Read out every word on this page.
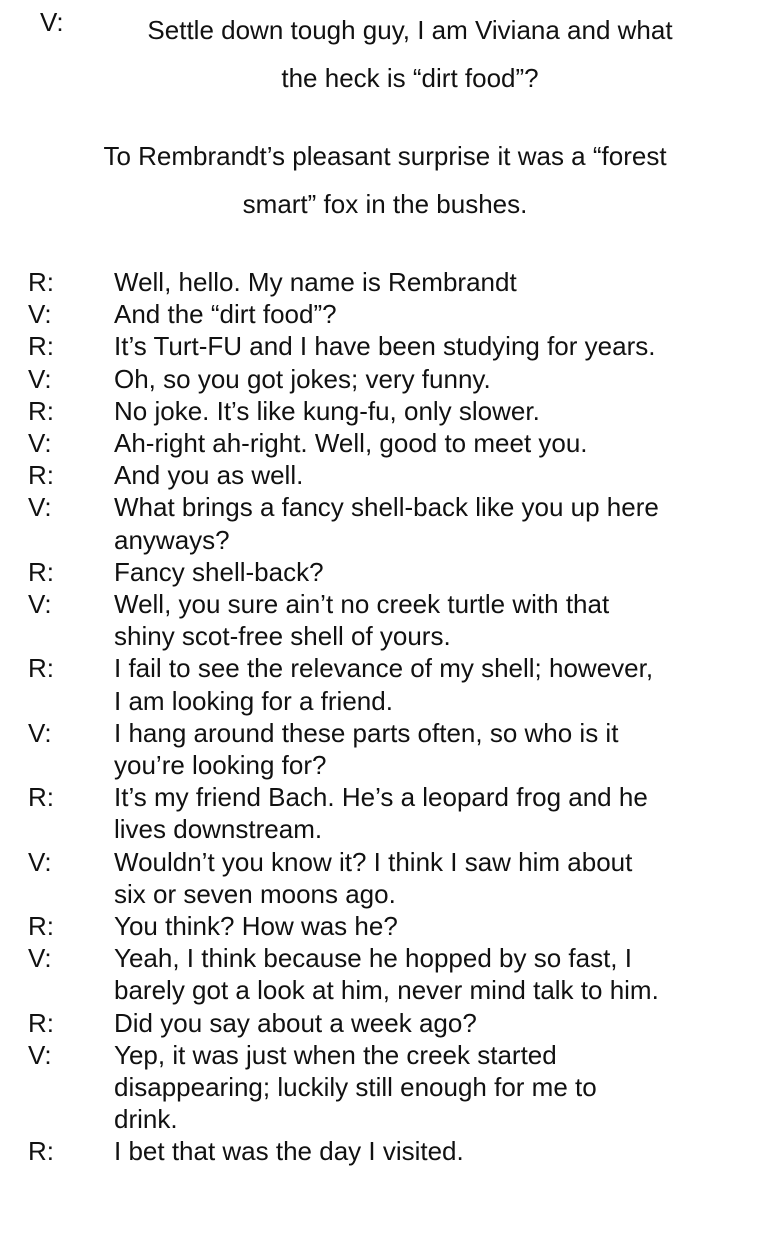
V:	Settle down tough guy, I am Viviana and what
the heck is “dirt food”?
To Rembrandt’s pleasant surprise it was a “forest
smart” fox in the bushes.
R:	Well, hello. My name is Rembrandt
V:	And the “dirt food”?
R:	It’s Turt-FU and I have been studying for years.
V:	Oh, so you got jokes; very funny.
R:	No joke. It’s like kung-fu, only slower.
V:	Ah-right ah-right. Well, good to meet you.
R:	And you as well.
V:	What brings a fancy shell-back like you up here
anyways?
R:	Fancy shell-back?
V:	Well, you sure ain’t no creek turtle with that
shiny scot-free shell of yours.
R:	I fail to see the relevance of my shell; however,
I am looking for a friend.
V:	I hang around these parts often, so who is it
you’re looking for?
R:	It’s my friend Bach. He’s a leopard frog and he
lives downstream.
V:	Wouldn’t you know it? I think I saw him about
six or seven moons ago.
R:	You think? How was he?
V:	Yeah, I think because he hopped by so fast, I
barely got a look at him, never mind talk to him.
R:	Did you say about a week ago?
V:	Yep, it was just when the creek started
disappearing; luckily still enough for me to
drink.
R:	I bet that was the day I visited.
